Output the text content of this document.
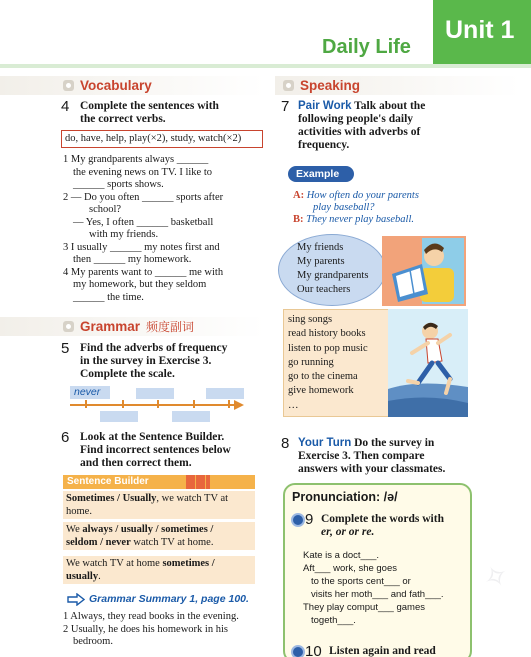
Unit 1
Daily Life
Vocabulary
4 Complete the sentences with
the correct verbs.
do, have, help, play(×2), study, watch(×2)
1 My grandparents always ______
the evening news on TV. I like to
______ sports shows.
2 — Do you often ______ sports after
school?
— Yes, I often ______ basketball
with my friends.
3 I usually ______ my notes first and
then ______ my homework.
4 My parents want to ______ me with
my homework, but they seldom
______ the time.
Grammar 频度副词
5 Find the adverbs of frequency
in the survey in Exercise 3.
Complete the scale.
never
6 Look at the Sentence Builder.
Find incorrect sentences below
and then correct them.
Sentence Builder
Sometimes / Usually, we watch TV at
home.
We always / usually / sometimes /
seldom / never watch TV at home.
We watch TV at home sometimes /
usually.
Grammar Summary 1, page 100.
1 Always, they read books in the evening.
2 Usually, he does his homework in his
bedroom.
Speaking
7 Pair Work Talk about the
following people's daily
activities with adverbs of
frequency.
Example
A: How often do your parents
play baseball?
B: They never play baseball.
My friends
My parents
My grandparents
Our teachers
sing songs
read history books
listen to pop music
go running
go to the cinema
give homework
…
8 Your Turn Do the survey in
Exercise 3. Then compare
answers with your classmates.
Pronunciation: /ə/
9 Complete the words with
er, or or re.
Kate is a doct___.
Aft___ work, she goes
to the sports cent___ or
visits her moth___ and fath___.
They play comput___ games
togeth___.
10 Listen again and read
✧
